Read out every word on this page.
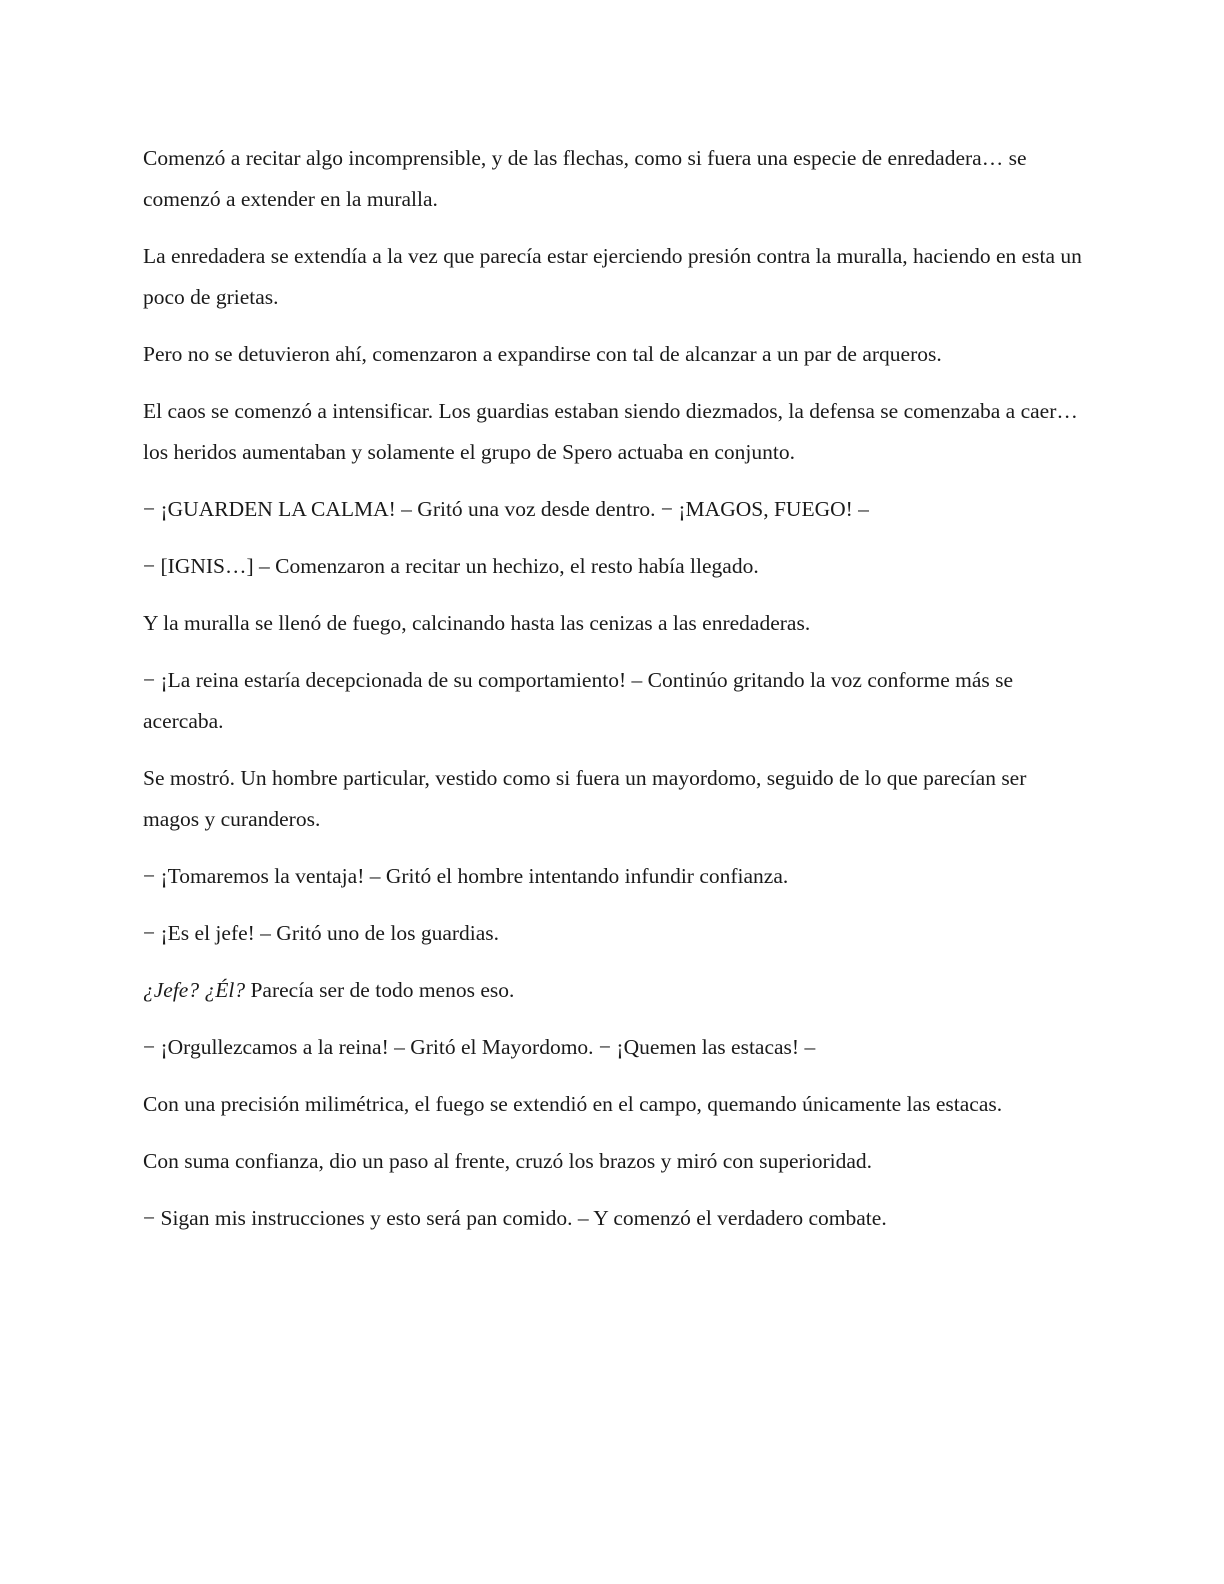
Comenzó a recitar algo incomprensible, y de las flechas, como si fuera una especie de enredadera… se comenzó a extender en la muralla.

La enredadera se extendía a la vez que parecía estar ejerciendo presión contra la muralla, haciendo en esta un poco de grietas.

Pero no se detuvieron ahí, comenzaron a expandirse con tal de alcanzar a un par de arqueros.

El caos se comenzó a intensificar. Los guardias estaban siendo diezmados, la defensa se comenzaba a caer… los heridos aumentaban y solamente el grupo de Spero actuaba en conjunto.

− ¡GUARDEN LA CALMA! – Gritó una voz desde dentro. − ¡MAGOS, FUEGO! –

− [IGNIS…] – Comenzaron a recitar un hechizo, el resto había llegado.

Y la muralla se llenó de fuego, calcinando hasta las cenizas a las enredaderas.

− ¡La reina estaría decepcionada de su comportamiento! – Continúo gritando la voz conforme más se acercaba.

Se mostró. Un hombre particular, vestido como si fuera un mayordomo, seguido de lo que parecían ser magos y curanderos.

− ¡Tomaremos la ventaja! – Gritó el hombre intentando infundir confianza.

− ¡Es el jefe! – Gritó uno de los guardias.

¿Jefe? ¿Él? Parecía ser de todo menos eso.

− ¡Orgullezcamos a la reina! – Gritó el Mayordomo. − ¡Quemen las estacas! –

Con una precisión milimétrica, el fuego se extendió en el campo, quemando únicamente las estacas.

Con suma confianza, dio un paso al frente, cruzó los brazos y miró con superioridad.

− Sigan mis instrucciones y esto será pan comido. – Y comenzó el verdadero combate.
